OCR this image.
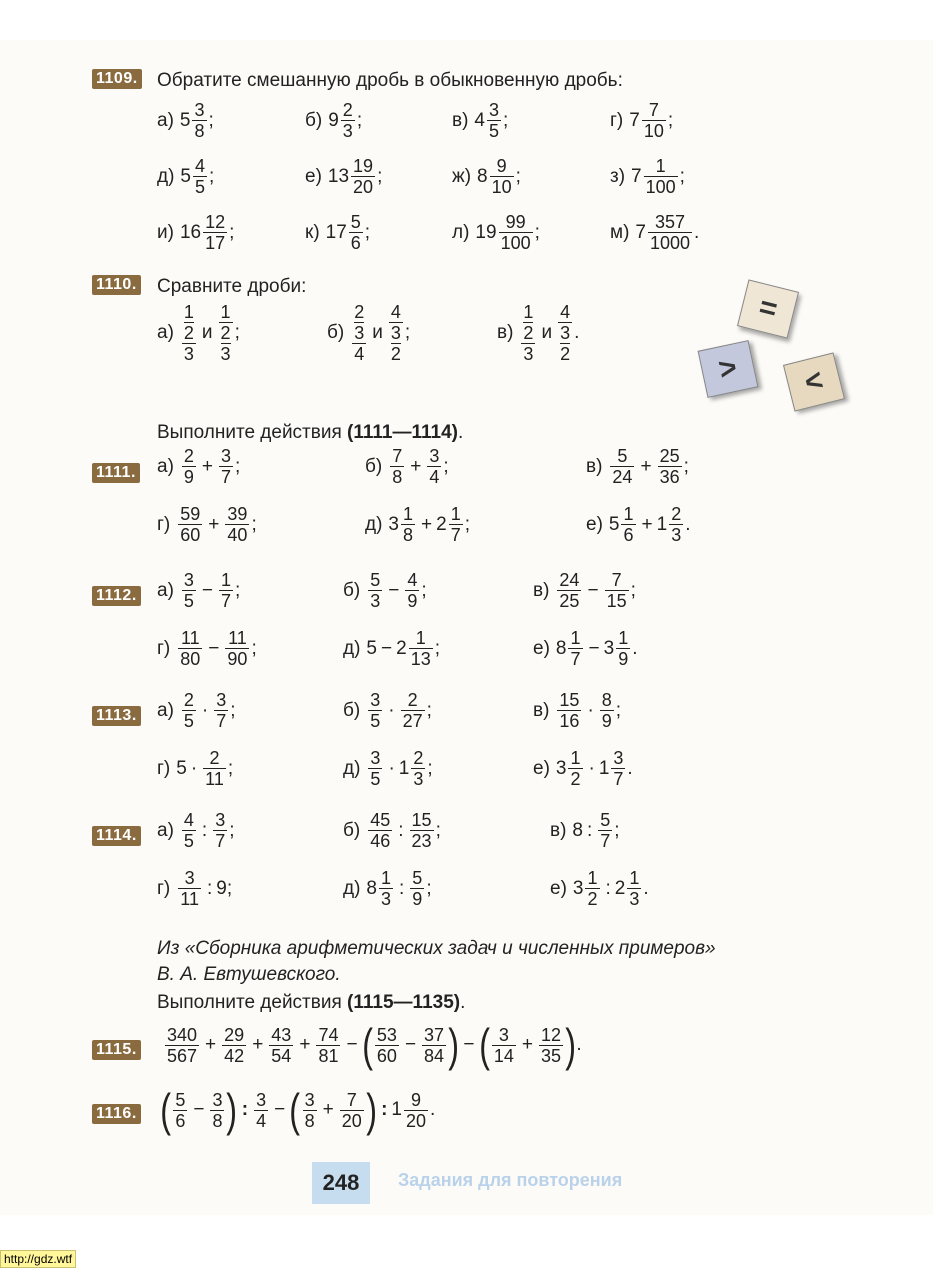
1109. Обратите смешанную дробь в обыкновенную дробь:
а) $5 \frac{3}{8}$ ;	б) $9 \frac{2}{3}$ ;	в) $4 \frac{3}{5}$ ;	г) $7 \frac{7}{10}$ ;
д) $5 \frac{4}{5}$ ;	е) $13 \frac{19}{20}$ ;	ж) $8 \frac{9}{10}$ ;	з) $7 \frac{1}{100}$ ;
и) $16 \frac{12}{17}$ ;	к) $17 \frac{5}{6}$ ;	л) $19 \frac{99}{100}$ ;	м) $7 \frac{357}{1000}$ .
1110. Сравните дроби:
а) 1
2
3 и 1
2
3 ;	б) 2
3
4 и 4
3
2 ;	в) 1
2
3 и 4
3
2 .
=
>	<
Выполните действия (1111—1114).
1111. $а) \frac{2}{9} + \frac{3}{7}$ ;	$б) \frac{7}{8} + \frac{3}{4}$ ;	$в) \frac{5}{24} + \frac{25}{36}$ ;
$г) \frac{59}{60} + \frac{39}{40}$ ;	д) $3 \frac{1}{8} + 2 \frac{1}{7}$ ;	е) $5 \frac{1}{6} + 1 \frac{2}{3}$ .
1112. $а) \frac{3}{5} - \frac{1}{7}$ ;	$б) \frac{5}{3} - \frac{4}{9}$ ;	$в) \frac{24}{25} - \frac{7}{15}$ ;
$г) \frac{11}{80} - \frac{11}{90}$ ;	д) $5 - 2 \frac{1}{13}$ ;	е) $8 \frac{1}{7} - 3 \frac{1}{9}$ .
1113. $а) \frac{2}{5} \cdot \frac{3}{7}$ ;	$б) \frac{3}{5} \cdot \frac{2}{27}$ ;	$в) \frac{15}{16} \cdot \frac{8}{9}$ ;
г) $5 \cdot \frac{2}{11}$ ;	$д) \frac{3}{5} \cdot 1 \frac{2}{3}$ ;	е) $3 \frac{1}{2} \cdot 1 \frac{3}{7}$ .
1114. $а) \frac{4}{5}$ : $\frac{3}{7}$ ;	$б) \frac{45}{46}$ : $\frac{15}{23}$ ;	в) 8 : $\frac{5}{7}$ ;
$г) \frac{3}{11}$ : 9 ;	д) $8 \frac{1}{3}$ : $\frac{5}{9}$ ;	е) $3 \frac{1}{2}$ : $2 \frac{1}{3}$ .
Из «Сборника арифметических задач и численных примеров»
В. А. Евтушевского.
Выполните действия (1115—1135).
1115. $\frac{340}{567} + \frac{29}{42} + \frac{43}{54} + \frac{74}{81}$ − ( $\frac{53}{60} - \frac{37}{84}$ ) − ( $\frac{3}{14} + \frac{12}{35}$ ) .
1116. ( $\frac{5}{6} - \frac{3}{8}$ ) : $\frac{3}{4}$ − ( $\frac{3}{8} + \frac{7}{20}$ ) : $1 \frac{9}{20}$ .
248	Задания для повторения
http://gdz.wtf
